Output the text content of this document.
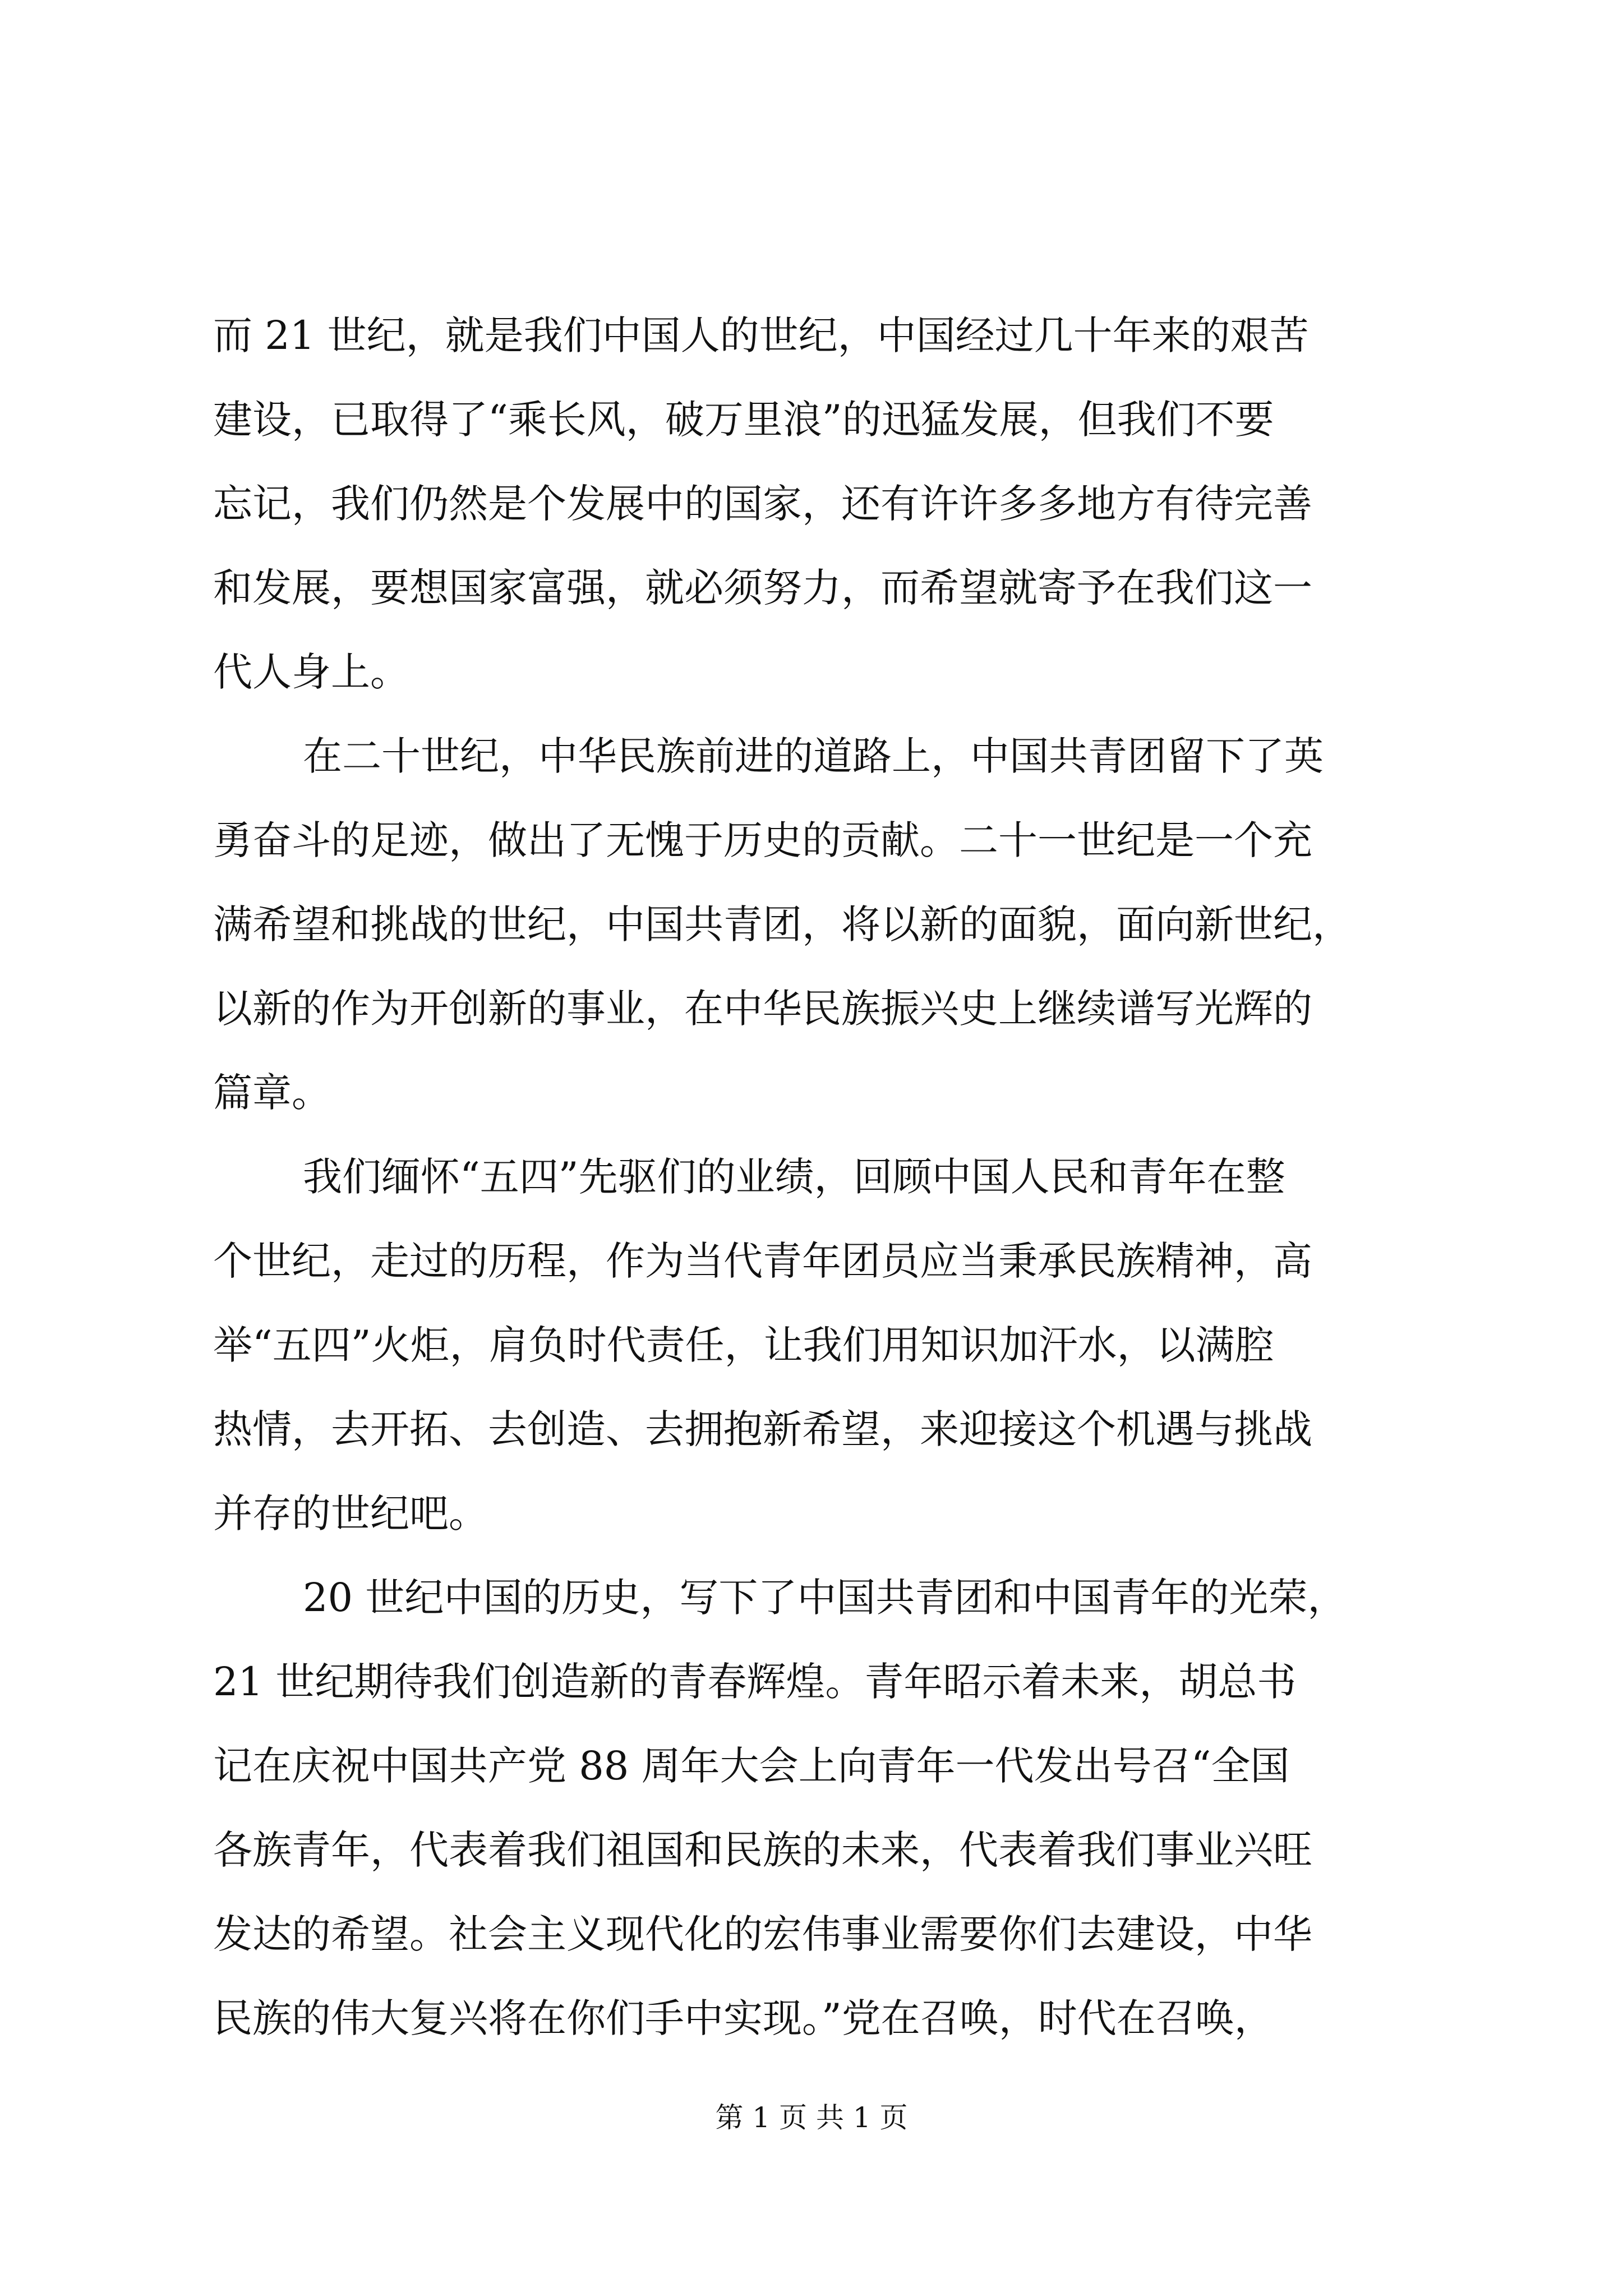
而 21 世纪，就是我们中国人的世纪，中国经过几十年来的艰苦
建设，已取得了“乘长风，破万里浪”的迅猛发展，但我们不要
忘记，我们仍然是个发展中的国家，还有许许多多地方有待完善
和发展，要想国家富强，就必须努力，而希望就寄予在我们这一
代人身上。
在二十世纪，中华民族前进的道路上，中国共青团留下了英
勇奋斗的足迹，做出了无愧于历史的贡献。二十一世纪是一个充
满希望和挑战的世纪，中国共青团，将以新的面貌，面向新世纪，
以新的作为开创新的事业，在中华民族振兴史上继续谱写光辉的
篇章。
我们缅怀“五四”先驱们的业绩，回顾中国人民和青年在整
个世纪，走过的历程，作为当代青年团员应当秉承民族精神，高
举“五四”火炬，肩负时代责任，让我们用知识加汗水，以满腔
热情，去开拓、去创造、去拥抱新希望，来迎接这个机遇与挑战
并存的世纪吧。
20 世纪中国的历史，写下了中国共青团和中国青年的光荣，
21 世纪期待我们创造新的青春辉煌。青年昭示着未来，胡总书
记在庆祝中国共产党 88 周年大会上向青年一代发出号召“全国
各族青年，代表着我们祖国和民族的未来，代表着我们事业兴旺
发达的希望。社会主义现代化的宏伟事业需要你们去建设，中华
民族的伟大复兴将在你们手中实现。”党在召唤，时代在召唤，
第 1 页 共 1 页
